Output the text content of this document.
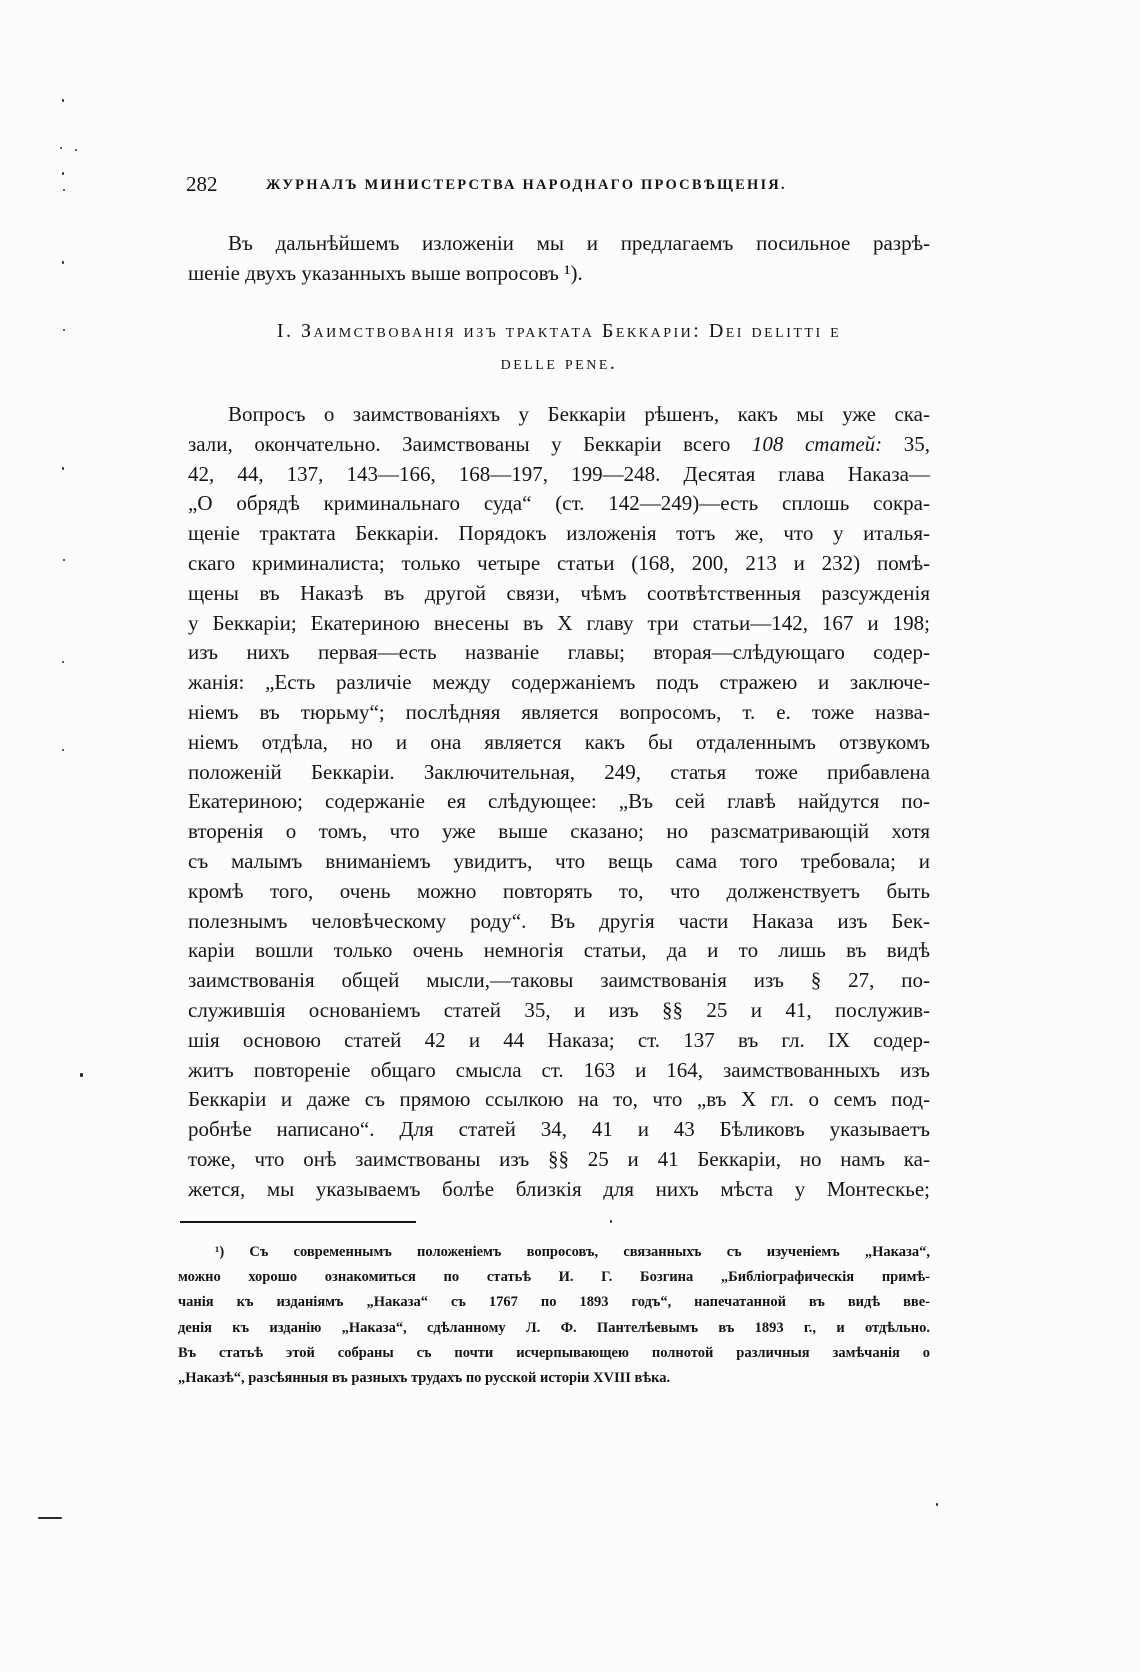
282	ЖУРНАЛЪ МИНИСТЕРСТВА НАРОДНАГО ПРОСВѢЩЕНІЯ.
Въ дальнѣйшемъ изложеніи мы и предлагаемъ посильное разрѣ-
шеніе двухъ указанныхъ выше вопросовъ ¹).
I. Заимствованія изъ трактата Беккаріи: Dei delitti e
delle pene.
Вопросъ о заимствованіяхъ у Беккаріи рѣшенъ, какъ мы уже ска-
зали, окончательно. Заимствованы у Беккаріи всего 108 статей: 35,
42, 44, 137, 143—166, 168—197, 199—248. Десятая глава Наказа—
„О обрядѣ криминальнаго суда“ (ст. 142—249)—есть сплошь сокра-
щеніе трактата Беккаріи. Порядокъ изложенія тотъ же, что у италья-
скаго криминалиста; только четыре статьи (168, 200, 213 и 232) помѣ-
щены въ Наказѣ въ другой связи, чѣмъ соотвѣтственныя разсужденія
у Беккаріи; Екатериною внесены въ X главу три статьи—142, 167 и 198;
изъ нихъ первая—есть названіе главы; вторая—слѣдующаго содер-
жанія: „Есть различіе между содержаніемъ подъ стражею и заключе-
ніемъ въ тюрьму“; послѣдняя является вопросомъ, т. е. тоже назва-
ніемъ отдѣла, но и она является какъ бы отдаленнымъ отзвукомъ
положеній Беккаріи. Заключительная, 249, статья тоже прибавлена
Екатериною; содержаніе ея слѣдующее: „Въ сей главѣ найдутся по-
вторенія о томъ, что уже выше сказано; но разсматривающій хотя
съ малымъ вниманіемъ увидитъ, что вещь сама того требовала; и
кромѣ того, очень можно повторять то, что долженствуетъ быть
полезнымъ человѣческому роду“. Въ другія части Наказа изъ Бек-
каріи вошли только очень немногія статьи, да и то лишь въ видѣ
заимствованія общей мысли,—таковы заимствованія изъ § 27, по-
служившія основаніемъ статей 35, и изъ §§ 25 и 41, послужив-
шія основою статей 42 и 44 Наказа; ст. 137 въ гл. IX содер-
житъ повтореніе общаго смысла ст. 163 и 164, заимствованныхъ изъ
Беккаріи и даже съ прямою ссылкою на то, что „въ X гл. о семъ под-
робнѣе написано“. Для статей 34, 41 и 43 Бѣликовъ указываетъ
тоже, что онѣ заимствованы изъ §§ 25 и 41 Беккаріи, но намъ ка-
жется, мы указываемъ болѣе близкія для нихъ мѣста у Монтескье;
¹) Съ современнымъ положеніемъ вопросовъ, связанныхъ съ изученіемъ „Наказа“,
можно хорошо ознакомиться по статьѣ И. Г. Бозгина „Библіографическія примѣ-
чанія къ изданіямъ „Наказа“ съ 1767 по 1893 годъ“, напечатанной въ видѣ вве-
денія къ изданію „Наказа“, сдѣланному Л. Ф. Пантелѣевымъ въ 1893 г., и отдѣльно.
Въ статьѣ этой собраны съ почти исчерпывающею полнотой различныя замѣчанія о
„Наказѣ“, разсѣянныя въ разныхъ трудахъ по русской исторіи XVIII вѣка.
